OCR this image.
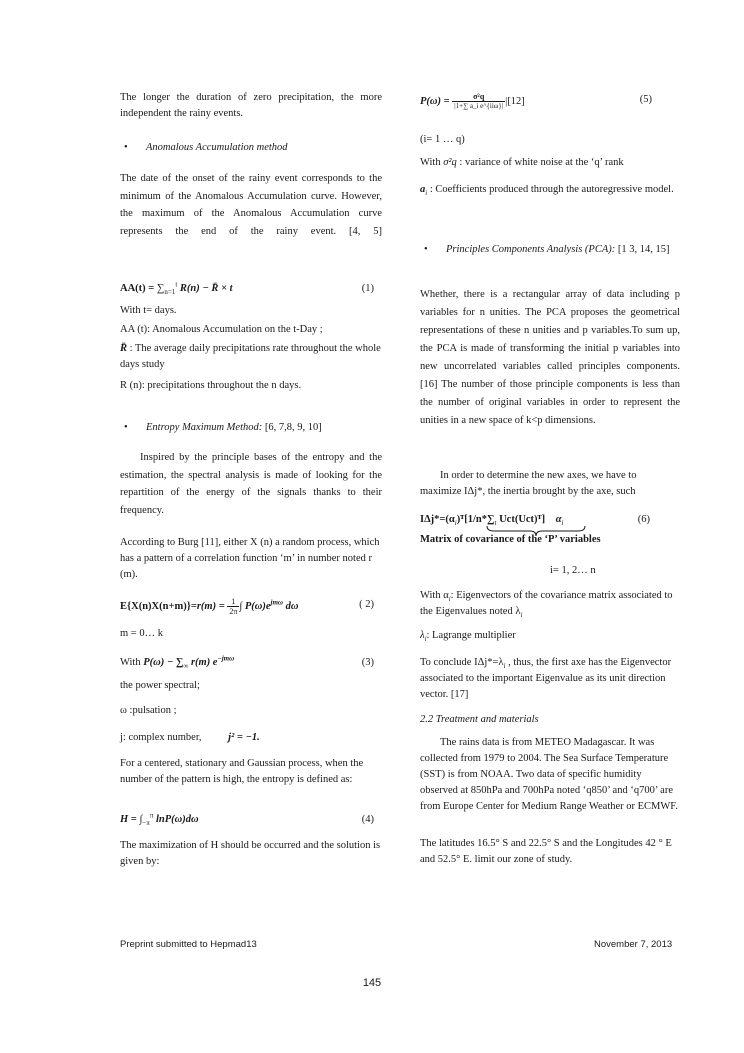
The longer the duration of zero precipitation, the more independent the rainy events.

• Anomalous Accumulation method

The date of the onset of the rainy event corresponds to the minimum of the Anomalous Accumulation curve. However, the maximum of the Anomalous Accumulation curve represents the end of the rainy event. [4, 5]

$AA(t) = \sum_{n=1}^t$ R(n) − R̄ × t	(1)

With t= days.

AA (t): Anomalous Accumulation on the t-Day ;

R̄ : The average daily precipitations rate throughout the whole days study

R (n): precipitations throughout the n days.

• Entropy Maximum Method: [6, 7,8, 9, 10]

Inspired by the principle bases of the entropy and the estimation, the spectral analysis is made of looking for the repartition of the energy of the signals thanks to their frequency.

According to Burg [11], either X (n) a random process, which has a pattern of a correlation function ‘m’ in number noted r (m).

$E\{X(n)X(n+m)\}=r(m) = \frac{1}{2\pi}$ ∫ $P(\omega)e^{jm\omega}$ dω	( 2)

m = 0… k

With $P(\omega) - \sum_\infty$ r(m) $e^{-jm\omega}$	(3)

the power spectral;

ω :pulsation ;

j: complex number,	j² = −1.

For a centered, stationary and Gaussian process, when the number of the pattern is high, the entropy is defined as:

$H = \int_{-\pi}^\pi$ lnP(ω)dω	(4)

The maximization of H should be occurred and the solution is given by:

$P(\omega) = \frac{\text{σ²q}}{\text{|1+∑ a\_i e\textasciicircum{}\{iiω\}|}} |[12]$	(5)

(i= 1 … q)

With σ²q : variance of white noise at the ‘q’ rank

$a_i$ : Coefficients produced through the autoregressive model.

• Principles Components Analysis (PCA): [1 3, 14, 15]

Whether, there is a rectangular array of data including p variables for n unities. The PCA proposes the geometrical representations of these n unities and p variables.To sum up, the PCA is made of transforming the initial p variables into new uncorrelated variables called principles components. [16] The number of those principle components is less than the number of original variables in order to represent the unities in a new space of k<p dimensions.

In order to determine the new axes, we have to maximize IΔj*, the inertia brought by the axe, such

$I\Delta j*=(\alpha_i)ᵀ[1/n*\sum_t$ Uct(Uct)ᵀ] $\alpha_i$	(6)

Matrix of covariance of the ‘P’ variables

i= 1, 2… n

With $\alpha_i$: Eigenvectors of the covariance matrix associated to the Eigenvalues noted $\lambda_i$

$\lambda_i$: Lagrange multiplier

To conclude $I\Delta j*=\lambda_i$ , thus, the first axe has the Eigenvector associated to the important Eigenvalue as its unit direction vector. [17]

2.2 Treatment and materials

The rains data is from METEO Madagascar. It was collected from 1979 to 2004. The Sea Surface Temperature (SST) is from NOAA. Two data of specific humidity observed at 850hPa and 700hPa noted ‘q850’ and ‘q700’ are from Europe Center for Medium Range Weather or ECMWF.

The latitudes 16.5° S and 22.5° S and the Longitudes 42 ° E and 52.5° E. limit our zone of study.

Preprint submitted to Hepmad13	November 7, 2013
145
